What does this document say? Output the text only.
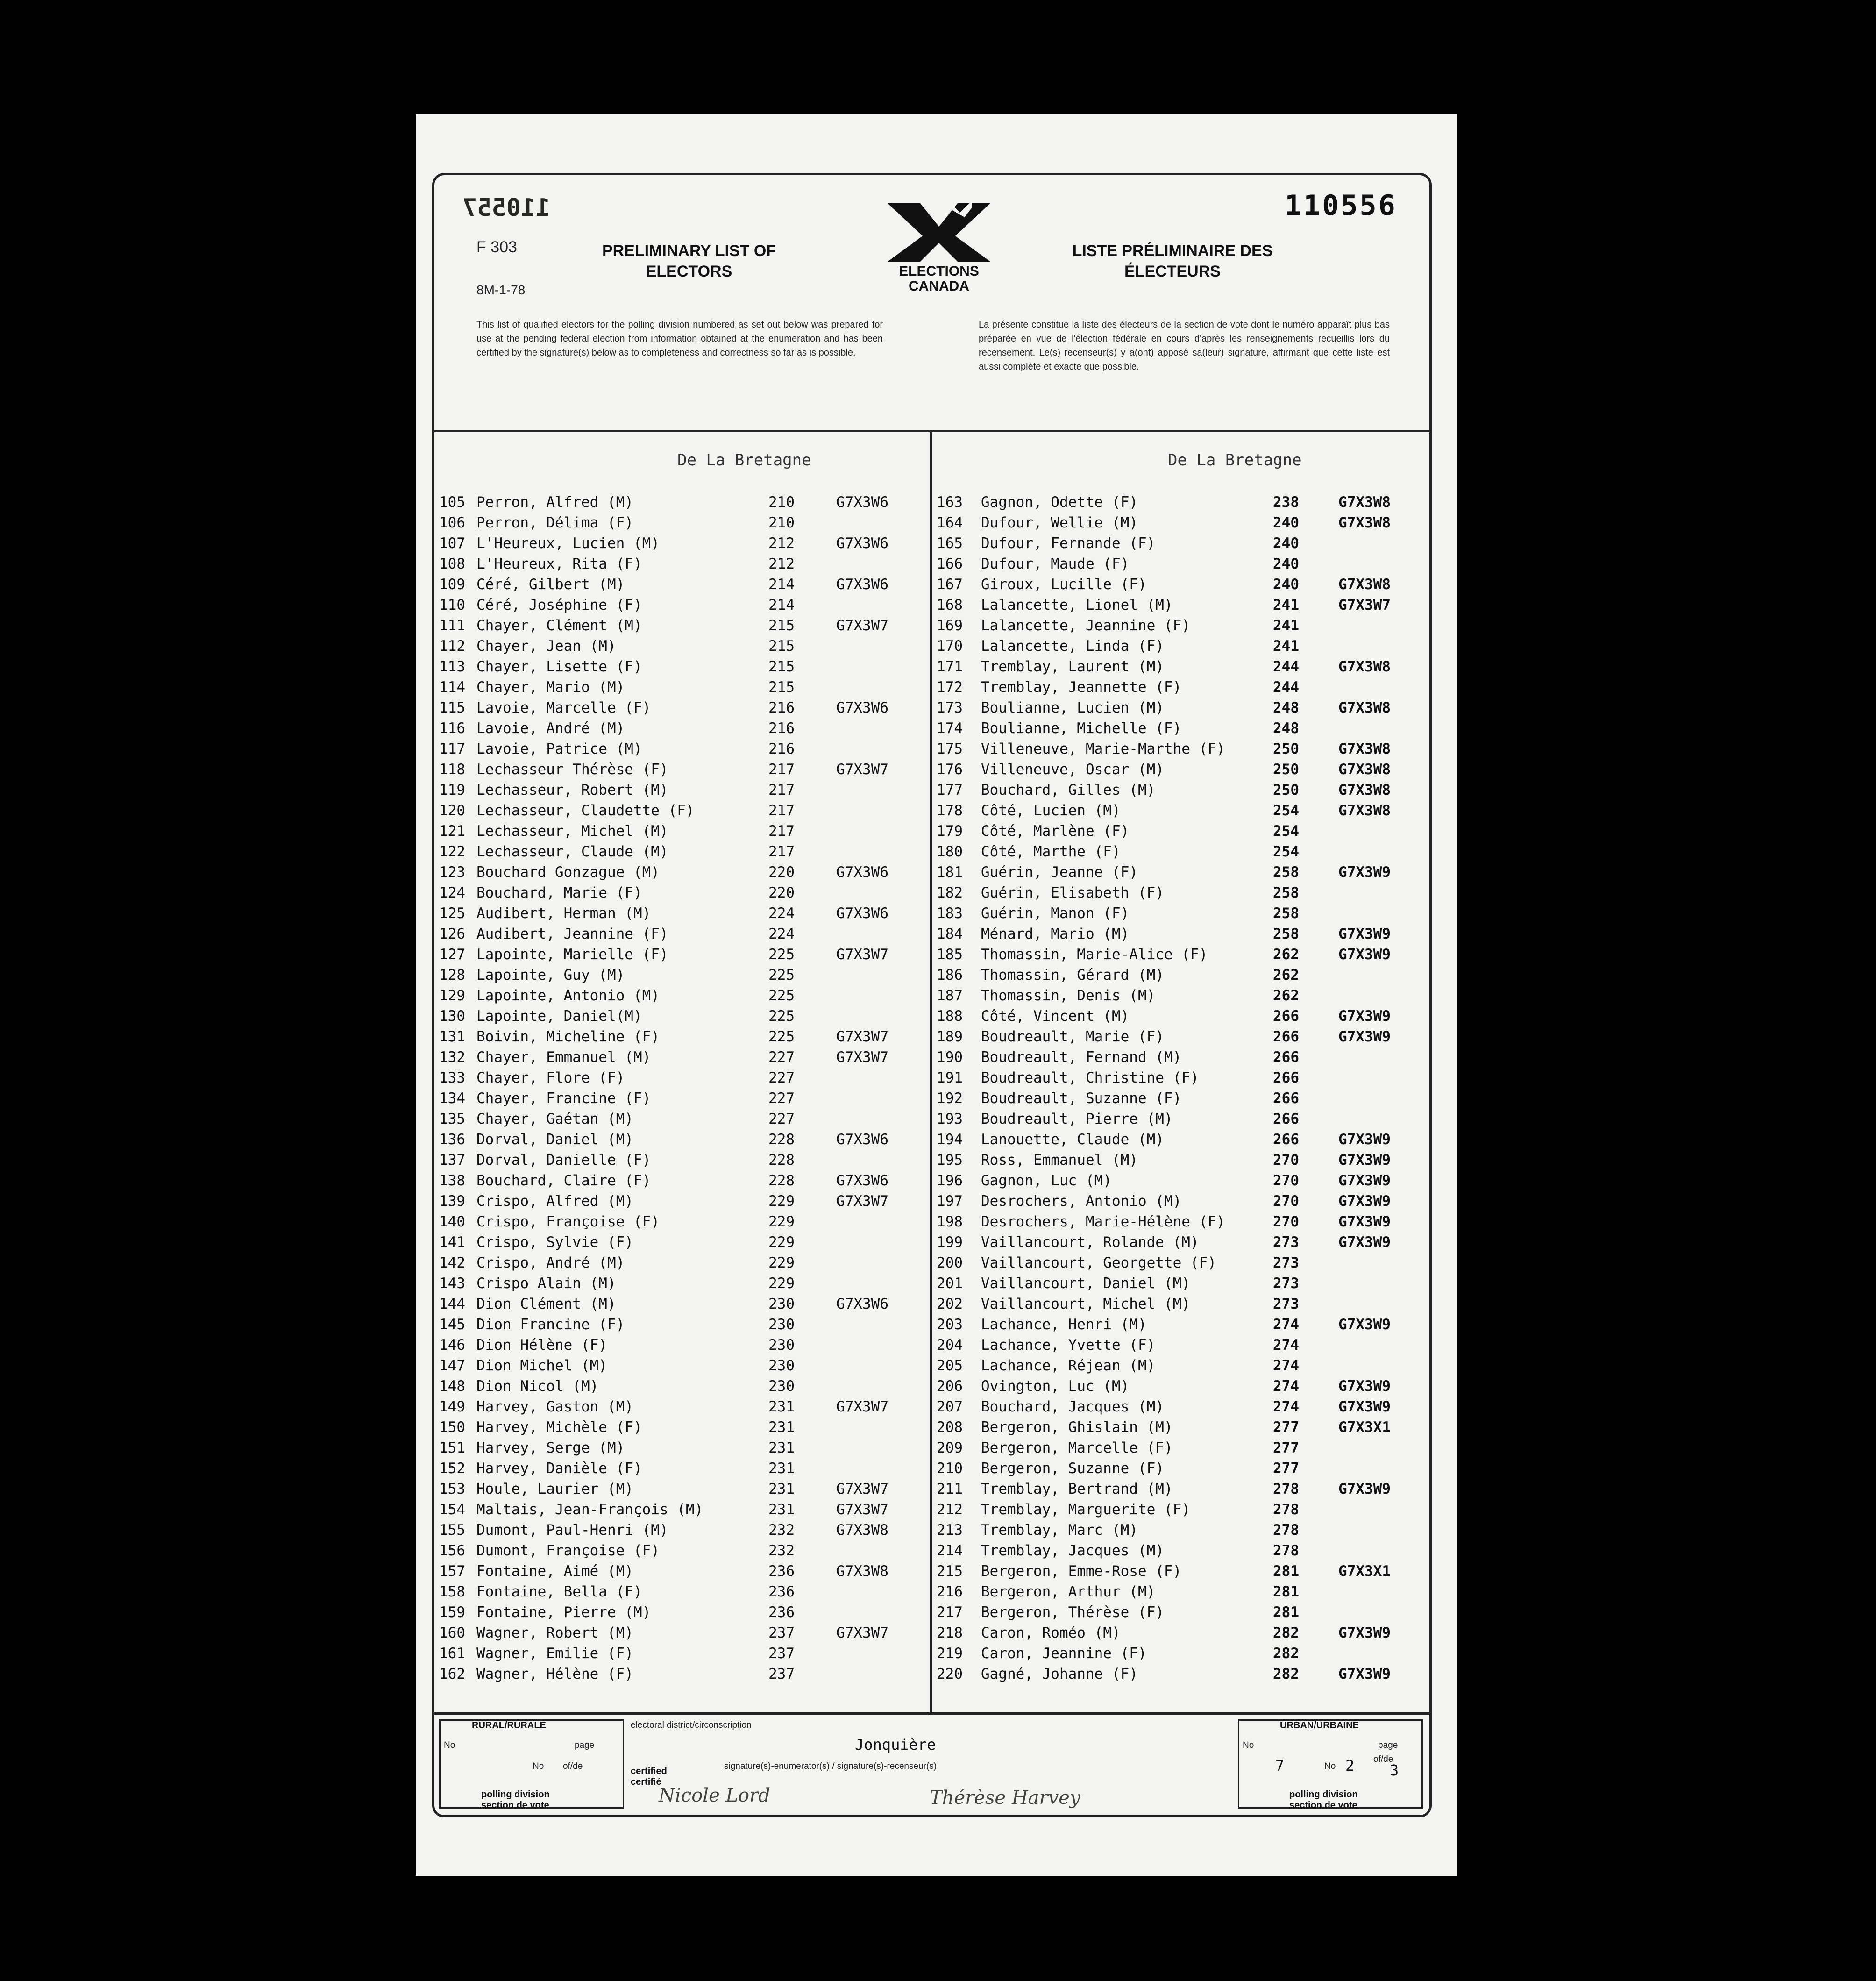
110557	110556
F 303
8M-1-78
PRELIMINARY LIST OF ELECTORS
LISTE PRÉLIMINAIRE DES ÉLECTEURS
ELECTIONS
CANADA
This list of qualified electors for the polling division numbered as set out below was prepared for use at the pending federal election from information obtained at the enumeration and has been certified by the signature(s) below as to completeness and correctness so far as is possible.
La présente constitue la liste des électeurs de la section de vote dont le numéro apparaît plus bas préparée en vue de l'élection fédérale en cours d'après les renseignements recueillis lors du recensement. Le(s) recenseur(s) y a(ont) apposé sa(leur) signature, affirmant que cette liste est aussi complète et exacte que possible.
De La Bretagne	De La Bretagne
105 Perron, Alfred (M)	210	G7X3W6
106 Perron, Délima (F)	210
107 L'Heureux, Lucien (M)	212	G7X3W6
108 L'Heureux, Rita (F)	212
109 Céré, Gilbert (M)	214	G7X3W6
110 Céré, Joséphine (F)	214
111 Chayer, Clément (M)	215	G7X3W7
112 Chayer, Jean (M)	215
113 Chayer, Lisette (F)	215
114 Chayer, Mario (M)	215
115 Lavoie, Marcelle (F)	216	G7X3W6
116 Lavoie, André (M)	216
117 Lavoie, Patrice (M)	216
118 Lechasseur Thérèse (F)	217	G7X3W7
119 Lechasseur, Robert (M)	217
120 Lechasseur, Claudette (F)	217
121 Lechasseur, Michel (M)	217
122 Lechasseur, Claude (M)	217
123 Bouchard Gonzague (M)	220	G7X3W6
124 Bouchard, Marie (F)	220
125 Audibert, Herman (M)	224	G7X3W6
126 Audibert, Jeannine (F)	224
127 Lapointe, Marielle (F)	225	G7X3W7
128 Lapointe, Guy (M)	225
129 Lapointe, Antonio (M)	225
130 Lapointe, Daniel(M)	225
131 Boivin, Micheline (F)	225	G7X3W7
132 Chayer, Emmanuel (M)	227	G7X3W7
133 Chayer, Flore (F)	227
134 Chayer, Francine (F)	227
135 Chayer, Gaétan (M)	227
136 Dorval, Daniel (M)	228	G7X3W6
137 Dorval, Danielle (F)	228
138 Bouchard, Claire (F)	228	G7X3W6
139 Crispo, Alfred (M)	229	G7X3W7
140 Crispo, Françoise (F)	229
141 Crispo, Sylvie (F)	229
142 Crispo, André (M)	229
143 Crispo Alain (M)	229
144 Dion Clément (M)	230	G7X3W6
145 Dion Francine (F)	230
146 Dion Hélène (F)	230
147 Dion Michel (M)	230
148 Dion Nicol (M)	230
149 Harvey, Gaston (M)	231	G7X3W7
150 Harvey, Michèle (F)	231
151 Harvey, Serge (M)	231
152 Harvey, Danièle (F)	231
153 Houle, Laurier (M)	231	G7X3W7
154 Maltais, Jean-François (M)	231	G7X3W7
155 Dumont, Paul-Henri (M)	232	G7X3W8
156 Dumont, Françoise (F)	232
157 Fontaine, Aimé (M)	236	G7X3W8
158 Fontaine, Bella (F)	236
159 Fontaine, Pierre (M)	236
160 Wagner, Robert (M)	237	G7X3W7
161 Wagner, Emilie (F)	237
162 Wagner, Hélène (F)	237
163	Gagnon, Odette (F)	238	G7X3W8
164	Dufour, Wellie (M)	240	G7X3W8
165	Dufour, Fernande (F)	240
166	Dufour, Maude (F)	240
167	Giroux, Lucille (F)	240	G7X3W8
168	Lalancette, Lionel (M)	241	G7X3W7
169	Lalancette, Jeannine (F)	241
170	Lalancette, Linda (F)	241
171	Tremblay, Laurent (M)	244	G7X3W8
172	Tremblay, Jeannette (F)	244
173	Boulianne, Lucien (M)	248	G7X3W8
174	Boulianne, Michelle (F)	248
175	Villeneuve, Marie-Marthe (F)	250	G7X3W8
176	Villeneuve, Oscar (M)	250	G7X3W8
177	Bouchard, Gilles (M)	250	G7X3W8
178	Côté, Lucien (M)	254	G7X3W8
179	Côté, Marlène (F)	254
180	Côté, Marthe (F)	254
181	Guérin, Jeanne (F)	258	G7X3W9
182	Guérin, Elisabeth (F)	258
183	Guérin, Manon (F)	258
184	Ménard, Mario (M)	258	G7X3W9
185	Thomassin, Marie-Alice (F)	262	G7X3W9
186	Thomassin, Gérard (M)	262
187	Thomassin, Denis (M)	262
188	Côté, Vincent (M)	266	G7X3W9
189	Boudreault, Marie (F)	266	G7X3W9
190	Boudreault, Fernand (M)	266
191	Boudreault, Christine (F)	266
192	Boudreault, Suzanne (F)	266
193	Boudreault, Pierre (M)	266
194	Lanouette, Claude (M)	266	G7X3W9
195	Ross, Emmanuel (M)	270	G7X3W9
196	Gagnon, Luc (M)	270	G7X3W9
197	Desrochers, Antonio (M)	270	G7X3W9
198	Desrochers, Marie-Hélène (F)	270	G7X3W9
199	Vaillancourt, Rolande (M)	273	G7X3W9
200	Vaillancourt, Georgette (F)	273
201	Vaillancourt, Daniel (M)	273
202	Vaillancourt, Michel (M)	273
203	Lachance, Henri (M)	274	G7X3W9
204	Lachance, Yvette (F)	274
205	Lachance, Réjean (M)	274
206	Ovington, Luc (M)	274	G7X3W9
207	Bouchard, Jacques (M)	274	G7X3W9
208	Bergeron, Ghislain (M)	277	G7X3X1
209	Bergeron, Marcelle (F)	277
210	Bergeron, Suzanne (F)	277
211	Tremblay, Bertrand (M)	278	G7X3W9
212	Tremblay, Marguerite (F)	278
213	Tremblay, Marc (M)	278
214	Tremblay, Jacques (M)	278
215	Bergeron, Emme-Rose (F)	281	G7X3X1
216	Bergeron, Arthur (M)	281
217	Bergeron, Thérèse (F)	281
218	Caron, Roméo (M)	282	G7X3W9
219	Caron, Jeannine (F)	282
220	Gagné, Johanne (F)	282	G7X3W9
RURAL/RURALE
No	page
No of/de
polling division
section de vote
electoral district/circonscription
Jonquière
signature(s)-enumerator(s) / signature(s)-recenseur(s)
certified
certifié
Nicole Lord	Thérèse Harvey
URBAN/URBAINE
No	page
7	No 2 of/de
3
polling division
section de vote
